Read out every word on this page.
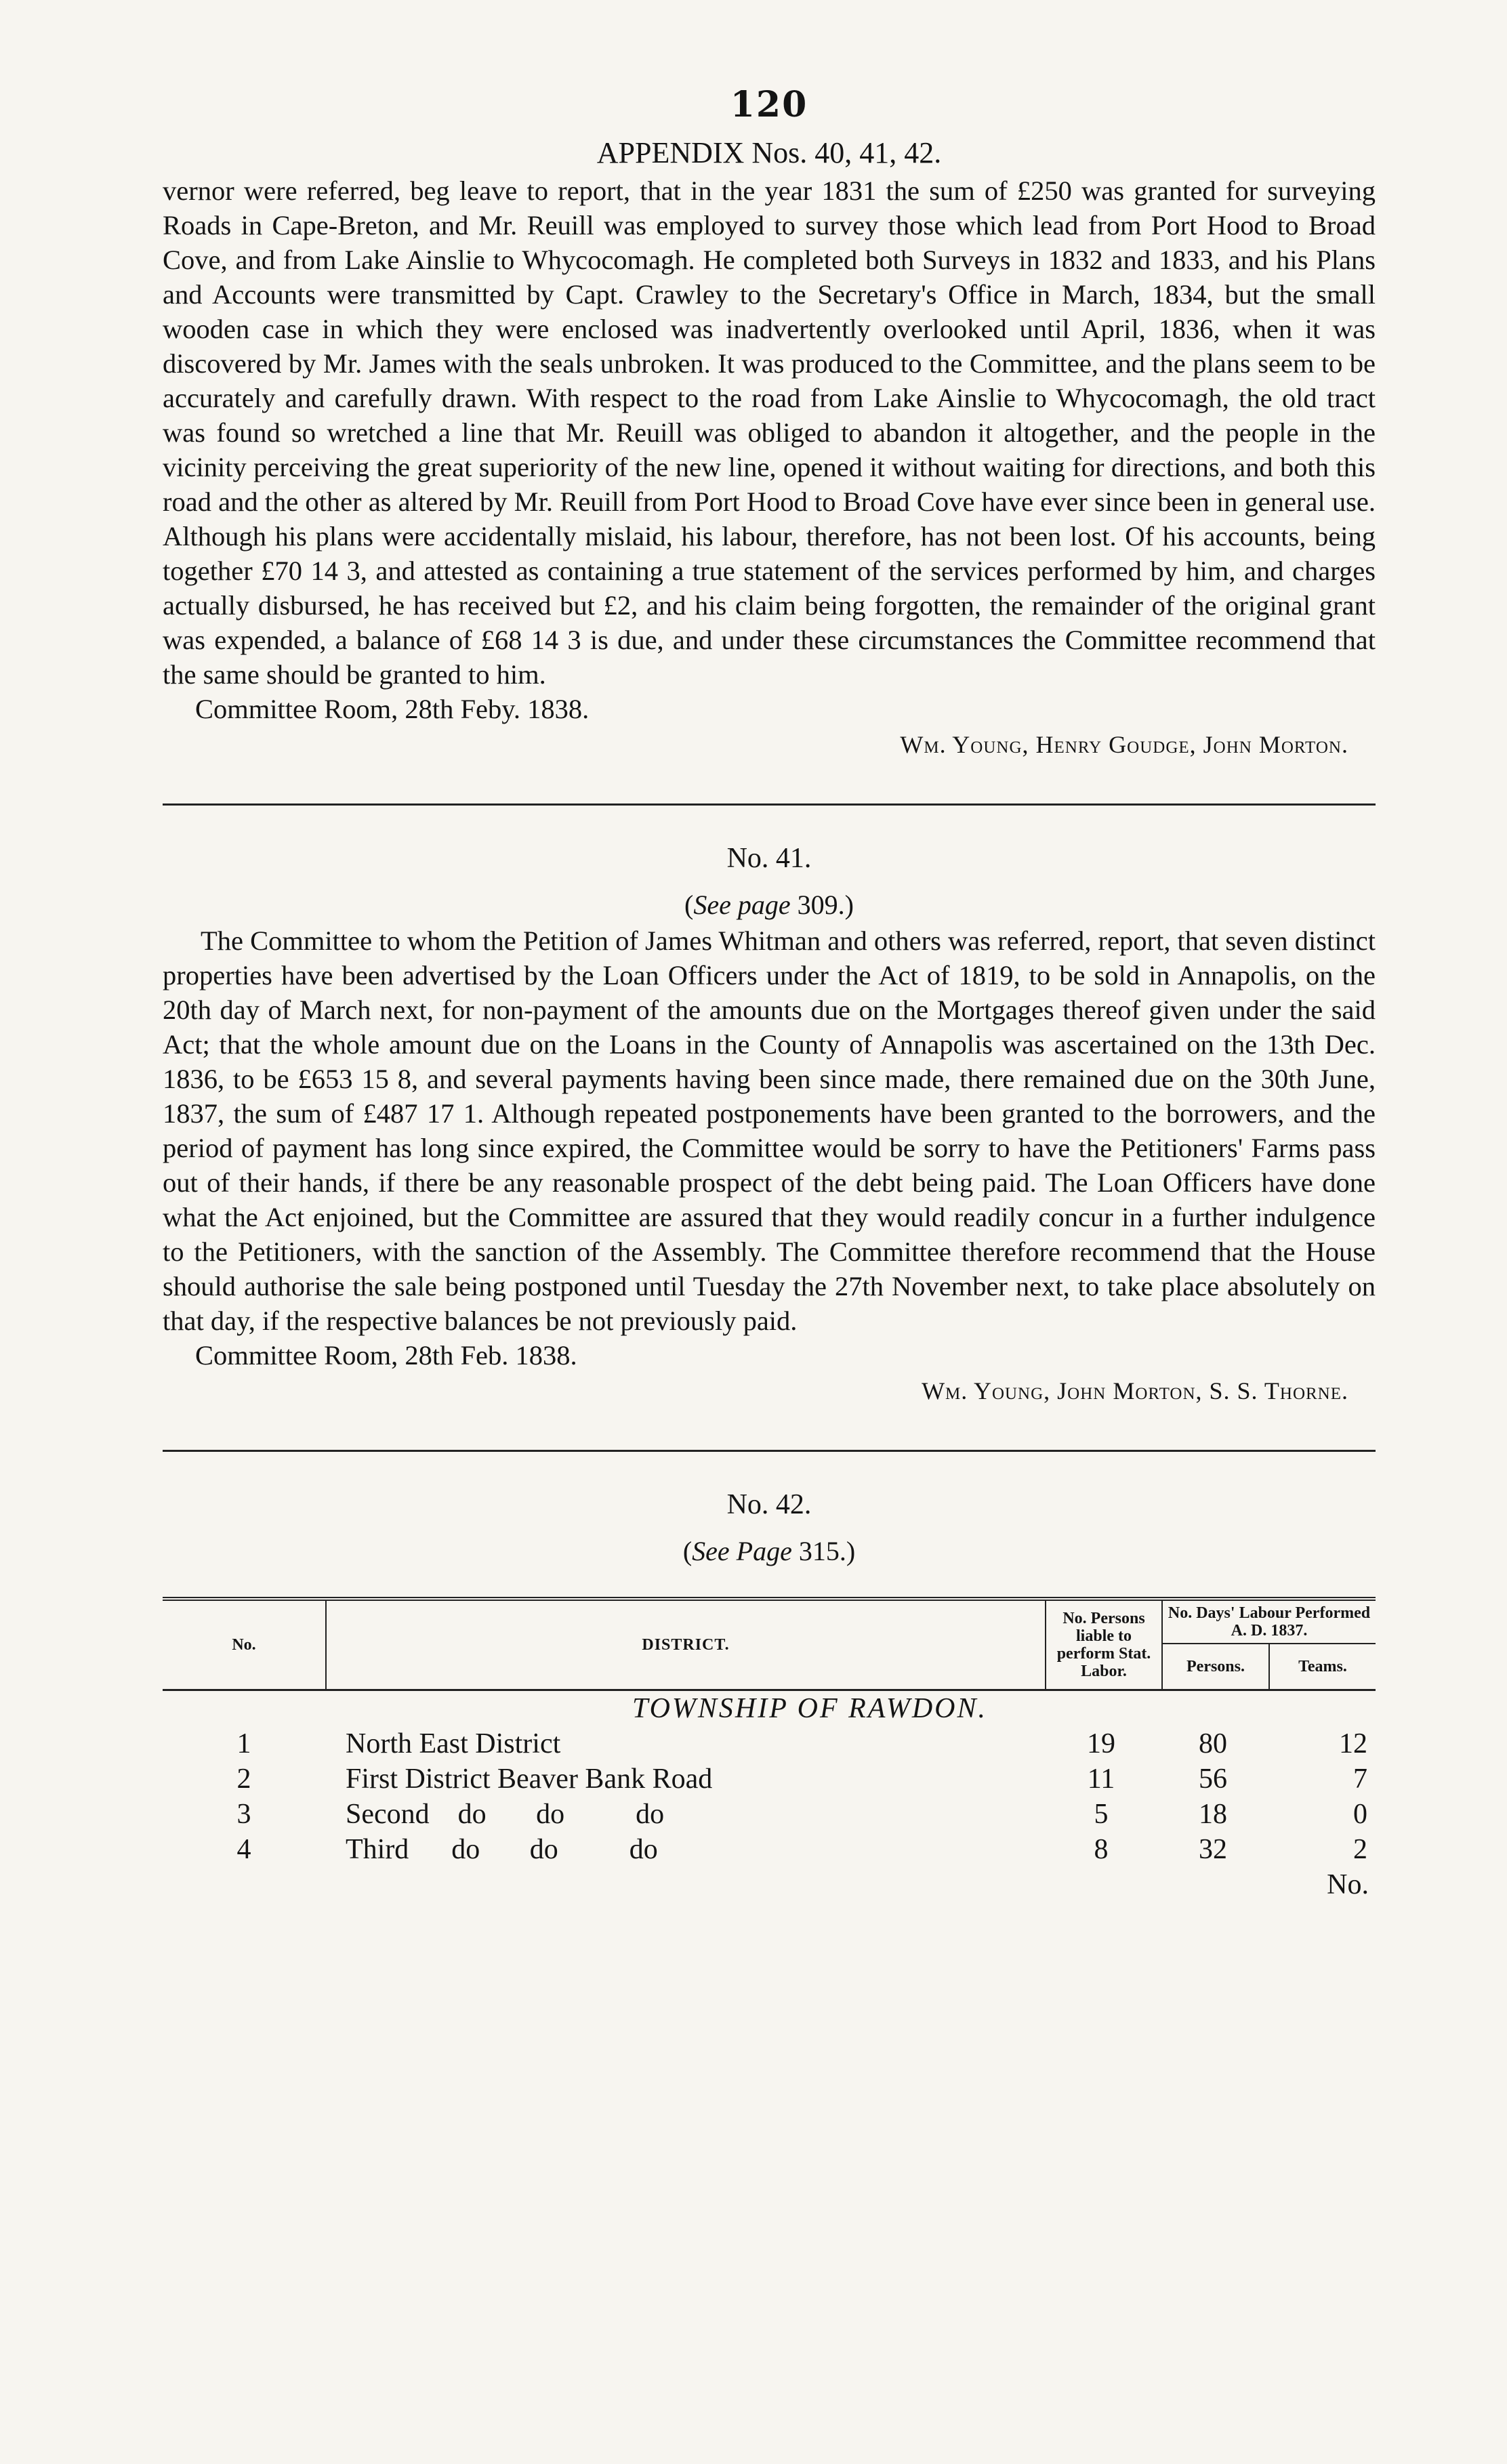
120
APPENDIX Nos. 40, 41, 42.

vernor were referred, beg leave to report, that in the year 1831 the sum of £250 was granted for surveying Roads in Cape-Breton, and Mr. Reuill was employed to survey those which lead from Port Hood to Broad Cove, and from Lake Ainslie to Whycocomagh. He completed both Surveys in 1832 and 1833, and his Plans and Accounts were transmitted by Capt. Crawley to the Secretary's Office in March, 1834, but the small wooden case in which they were enclosed was inadvertently overlooked until April, 1836, when it was discovered by Mr. James with the seals unbroken. It was produced to the Committee, and the plans seem to be accurately and carefully drawn. With respect to the road from Lake Ainslie to Whycocomagh, the old tract was found so wretched a line that Mr. Reuill was obliged to abandon it altogether, and the people in the vicinity perceiving the great superiority of the new line, opened it without waiting for directions, and both this road and the other as altered by Mr. Reuill from Port Hood to Broad Cove have ever since been in general use. Although his plans were accidentally mislaid, his labour, therefore, has not been lost. Of his accounts, being together £70 14 3, and attested as containing a true statement of the services performed by him, and charges actually disbursed, he has received but £2, and his claim being forgotten, the remainder of the original grant was expended, a balance of £68 14 3 is due, and under these circumstances the Committee recommend that the same should be granted to him.

Committee Room, 28th Feby. 1838.
Wm. Young, Henry Goudge, John Morton.
No. 41.
(See page 309.)

The Committee to whom the Petition of James Whitman and others was referred, report, that seven distinct properties have been advertised by the Loan Officers under the Act of 1819, to be sold in Annapolis, on the 20th day of March next, for non-payment of the amounts due on the Mortgages thereof given under the said Act; that the whole amount due on the Loans in the County of Annapolis was ascertained on the 13th Dec. 1836, to be £653 15 8, and several payments having been since made, there remained due on the 30th June, 1837, the sum of £487 17 1. Although repeated postponements have been granted to the borrowers, and the period of payment has long since expired, the Committee would be sorry to have the Petitioners' Farms pass out of their hands, if there be any reasonable prospect of the debt being paid. The Loan Officers have done what the Act enjoined, but the Committee are assured that they would readily concur in a further indulgence to the Petitioners, with the sanction of the Assembly. The Committee therefore recommend that the House should authorise the sale being postponed until Tuesday the 27th November next, to take place absolutely on that day, if the respective balances be not previously paid.

Committee Room, 28th Feb. 1838.
Wm. Young, John Morton, S. S. Thorne.
No. 42.
(See Page 315.)
No.	DISTRICT.
No. Persons liable to perform Stat. Labor.
No. Days' Labour Performed A. D. 1837.
Persons.	Teams.
TOWNSHIP OF RAWDON.
1	North East District	19	80	12
2	First District Beaver Bank Road	11	56	7
3	Second    do       do          do	5	18	0
4	Third      do       do          do	8	32	2
No.
